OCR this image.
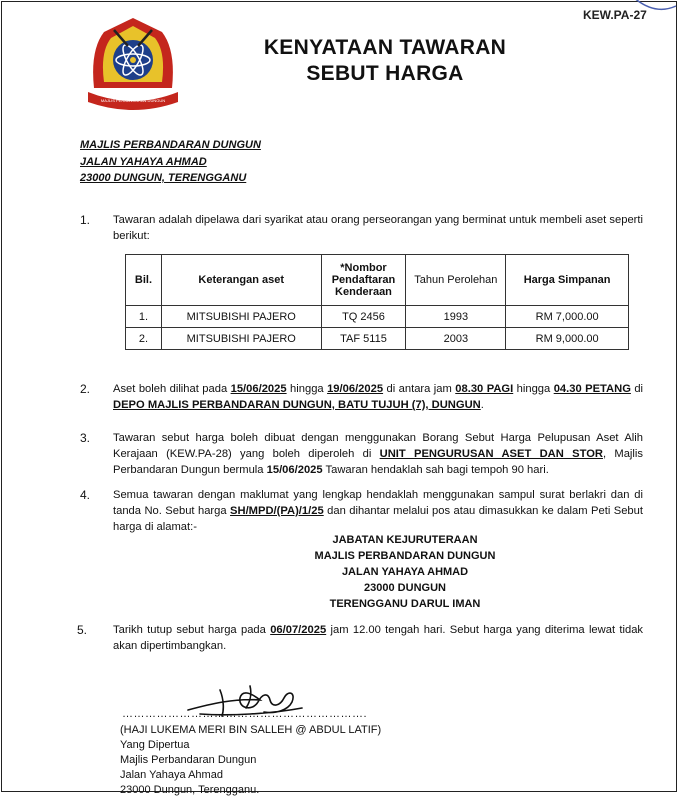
KEW.PA-27
MAJLIS PERBANDARAN DUNGUN
KENYATAAN TAWARAN
SEBUT HARGA
MAJLIS PERBANDARAN DUNGUN
JALAN YAHAYA AHMAD
23000 DUNGUN, TERENGGANU
1. Tawaran adalah dipelawa dari syarikat atau orang perseorangan yang berminat untuk membeli aset seperti berikut:
Bil.	Keterangan aset	*Nombor Pendaftaran Kenderaan	Tahun Perolehan	Harga Simpanan
1.	MITSUBISHI PAJERO	TQ 2456	1993	RM 7,000.00
2.	MITSUBISHI PAJERO	TAF 5115	2003	RM 9,000.00
2. Aset boleh dilihat pada 15/06/2025 hingga 19/06/2025 di antara jam 08.30 PAGI hingga 04.30 PETANG di DEPO MAJLIS PERBANDARAN DUNGUN, BATU TUJUH (7), DUNGUN.
3. Tawaran sebut harga boleh dibuat dengan menggunakan Borang Sebut Harga Pelupusan Aset Alih Kerajaan (KEW.PA-28) yang boleh diperoleh di UNIT PENGURUSAN ASET DAN STOR, Majlis Perbandaran Dungun bermula 15/06/2025 Tawaran hendaklah sah bagi tempoh 90 hari.
4. Semua tawaran dengan maklumat yang lengkap hendaklah menggunakan sampul surat berlakri dan di tanda No. Sebut harga SH/MPD/(PA)/1/25 dan dihantar melalui pos atau dimasukkan ke dalam Peti Sebut harga di alamat:-
JABATAN KEJURUTERAAN
MAJLIS PERBANDARAN DUNGUN
JALAN YAHAYA AHMAD
23000 DUNGUN
TERENGGANU DARUL IMAN
5. Tarikh tutup sebut harga pada 06/07/2025 jam 12.00 tengah hari. Sebut harga yang diterima lewat tidak akan dipertimbangkan.
……………………………………………………….
(HAJI LUKEMA MERI BIN SALLEH @ ABDUL LATIF)
Yang Dipertua
Majlis Perbandaran Dungun
Jalan Yahaya Ahmad
23000 Dungun, Terengganu.
